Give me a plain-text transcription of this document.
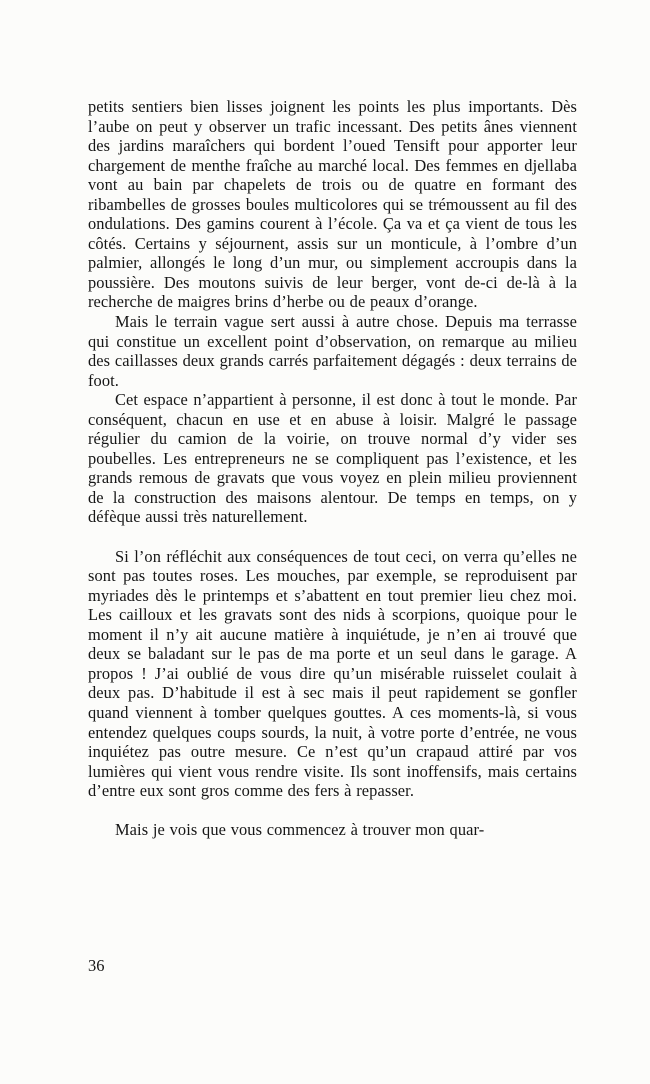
petits sentiers bien lisses joignent les points les plus importants. Dès l’aube on peut y observer un trafic incessant. Des petits ânes viennent des jardins maraîchers qui bordent l’oued Tensift pour apporter leur chargement de menthe fraîche au marché local. Des femmes en djellaba vont au bain par chapelets de trois ou de quatre en formant des ribambelles de grosses boules multicolores qui se trémoussent au fil des ondulations. Des gamins courent à l’école. Ça va et ça vient de tous les côtés. Certains y séjournent, assis sur un monticule, à l’ombre d’un palmier, allongés le long d’un mur, ou simplement accroupis dans la poussière. Des moutons suivis de leur berger, vont de-ci de-là à la recherche de maigres brins d’herbe ou de peaux d’orange.

Mais le terrain vague sert aussi à autre chose. Depuis ma terrasse qui constitue un excellent point d’observation, on remarque au milieu des caillasses deux grands carrés parfaitement dégagés : deux terrains de foot.

Cet espace n’appartient à personne, il est donc à tout le monde. Par conséquent, chacun en use et en abuse à loisir. Malgré le passage régulier du camion de la voirie, on trouve normal d’y vider ses poubelles. Les entrepreneurs ne se compliquent pas l’existence, et les grands remous de gravats que vous voyez en plein milieu proviennent de la construction des maisons alentour. De temps en temps, on y défèque aussi très naturellement.

Si l’on réfléchit aux conséquences de tout ceci, on verra qu’elles ne sont pas toutes roses. Les mouches, par exemple, se reproduisent par myriades dès le printemps et s’abattent en tout premier lieu chez moi. Les cailloux et les gravats sont des nids à scorpions, quoique pour le moment il n’y ait aucune matière à inquiétude, je n’en ai trouvé que deux se baladant sur le pas de ma porte et un seul dans le garage. A propos ! J’ai oublié de vous dire qu’un misérable ruisselet coulait à deux pas. D’habitude il est à sec mais il peut rapidement se gonfler quand viennent à tomber quelques gouttes. A ces moments-là, si vous entendez quelques coups sourds, la nuit, à votre porte d’entrée, ne vous inquiétez pas outre mesure. Ce n’est qu’un crapaud attiré par vos lumières qui vient vous rendre visite. Ils sont inoffensifs, mais certains d’entre eux sont gros comme des fers à repasser.

Mais je vois que vous commencez à trouver mon quar-

36
